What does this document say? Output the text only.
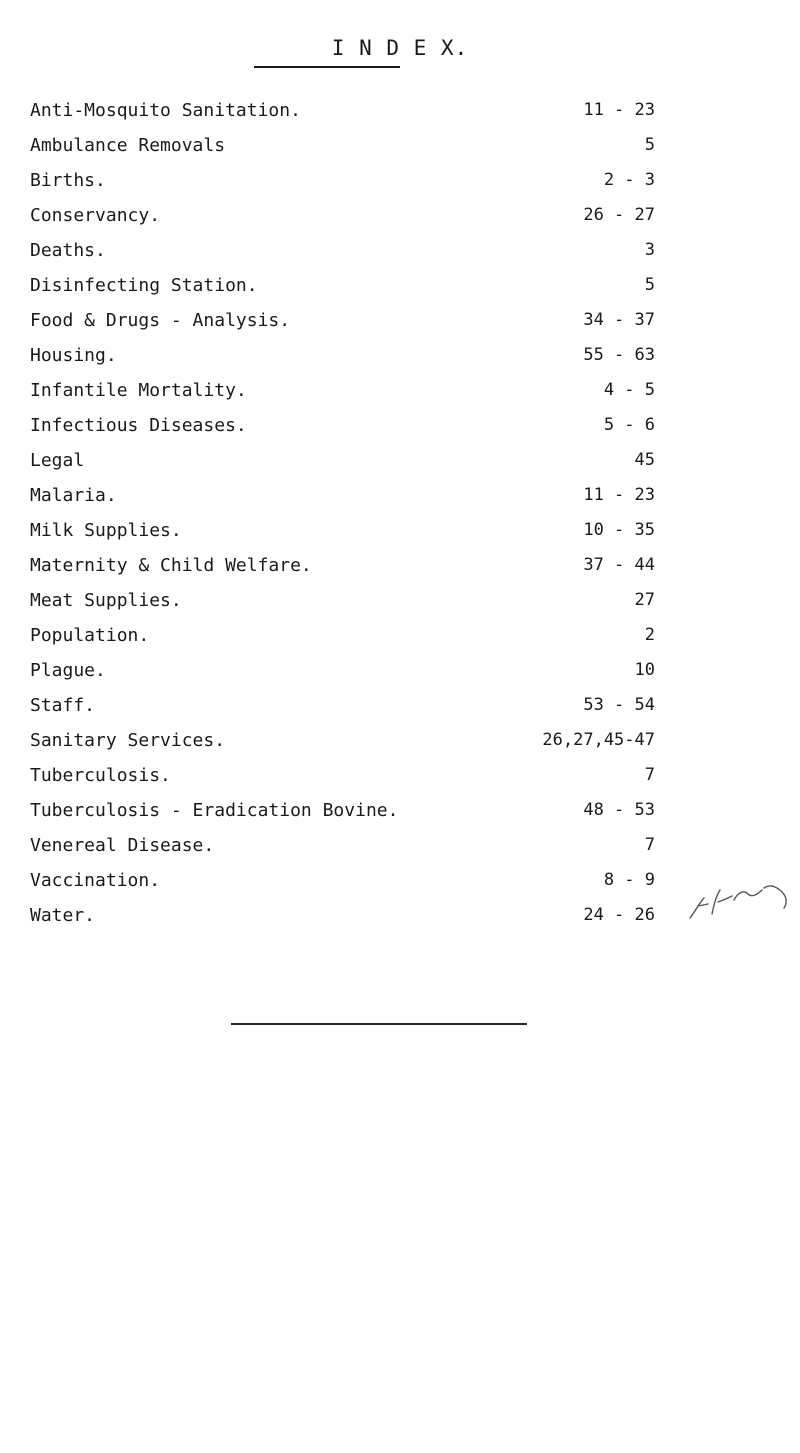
I N D E X.
Anti-Mosquito Sanitation.	11 - 23
Ambulance Removals	5
Births.	2 - 3
Conservancy.	26 - 27
Deaths.	3
Disinfecting Station.	5
Food & Drugs - Analysis.	34 - 37
Housing.	55 - 63
Infantile Mortality.	4 - 5
Infectious Diseases.	5 - 6
Legal	45
Malaria.	11 - 23
Milk Supplies.	10 - 35
Maternity & Child Welfare.	37 - 44
Meat Supplies.	27
Population.	2
Plague.	10
Staff.	53 - 54
Sanitary Services.	26,27,45-47
Tuberculosis.	7
Tuberculosis - Eradication Bovine.	48 - 53
Venereal Disease.	7
Vaccination.	8 - 9
Water.	24 - 26
